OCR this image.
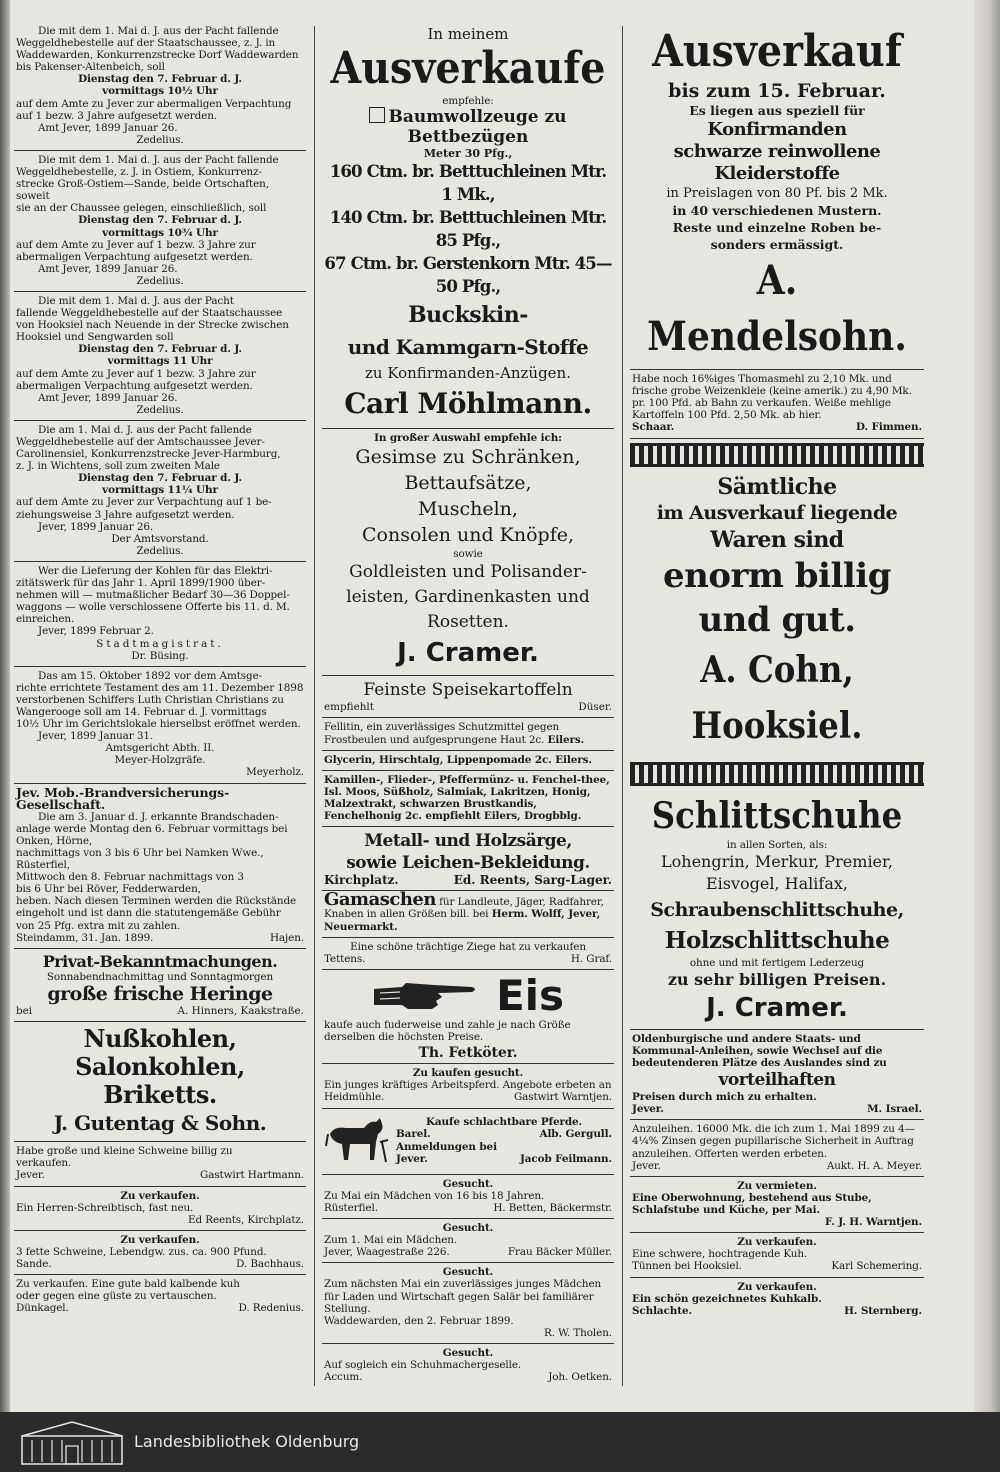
Die mit dem 1. Mai d. J. aus der Pacht fallende

Weggeldhebestelle auf der Staatschaussee, z. J. in

Waddewarden, Konkurrenzstrecke Dorf Waddewarden

bis Pakenser-Altenbeich, soll

Dienstag den 7. Februar d. J.

vormittags 10½ Uhr

auf dem Amte zu Jever zur abermaligen Verpachtung

auf 1 bezw. 3 Jahre aufgesetzt werden.

Amt Jever, 1899 Januar 26.

Zedelius.

Die mit dem 1. Mai d. J. aus der Pacht fallende

Weggeldhebestelle, z. J. in Ostiem, Konkurrenz-

strecke Groß-Ostiem—Sande, beide Ortschaften, soweit

sie an der Chaussee gelegen, einschließlich, soll

Dienstag den 7. Februar d. J.

vormittags 10¾ Uhr

auf dem Amte zu Jever auf 1 bezw. 3 Jahre zur

abermaligen Verpachtung aufgesetzt werden.

Amt Jever, 1899 Januar 26.

Zedelius.

Die mit dem 1. Mai d. J. aus der Pacht

fallende Weggeldhebestelle auf der Staatschaussee

von Hooksiel nach Neuende in der Strecke zwischen

Hooksiel und Sengwarden soll

Dienstag den 7. Februar d. J.

vormittags 11 Uhr

auf dem Amte zu Jever auf 1 bezw. 3 Jahre zur

abermaligen Verpachtung aufgesetzt werden.

Amt Jever, 1899 Januar 26.

Zedelius.

Die am 1. Mai d. J. aus der Pacht fallende

Weggeldhebestelle auf der Amtschaussee Jever-

Carolinensiel, Konkurrenzstrecke Jever-Harmburg,

z. J. in Wichtens, soll zum zweiten Male

Dienstag den 7. Februar d. J.

vormittags 11¼ Uhr

auf dem Amte zu Jever zur Verpachtung auf 1 be-

ziehungsweise 3 Jahre aufgesetzt werden.

Jever, 1899 Januar 26.

Der Amtsvorstand.

Zedelius.

Wer die Lieferung der Kohlen für das Elektri-

zitätswerk für das Jahr 1. April 1899/1900 über-

nehmen will — mutmaßlicher Bedarf 30—36 Doppel-

waggons — wolle verschlossene Offerte bis 11. d. M.

einreichen.

Jever, 1899 Februar 2.

Stadtmagistrat.

Dr. Büsing.

Das am 15. Oktober 1892 vor dem Amtsge-

richte errichtete Testament des am 11. Dezember 1898

verstorbenen Schiffers Luth Christian Christians zu

Wangerooge soll am 14. Februar d. J. vormittags

10½ Uhr im Gerichtslokale hierselbst eröffnet werden.

Jever, 1899 Januar 31.

Amtsgericht Abth. II.

Meyer-Holzgräfe.

Meyerholz.

Jev. Mob.-Brandversicherungs-Gesellschaft.

Die am 3. Januar d. J. erkannte Brandschaden-

anlage werde Montag den 6. Februar vormittags bei

Onken, Hörne,

nachmittags von 3 bis 6 Uhr bei Namken Wwe.,

Rüsterfiel,

Mittwoch den 8. Februar nachmittags von 3

bis 6 Uhr bei Röver, Fedderwarden,

heben. Nach diesen Terminen werden die Rückstände

eingeholt und ist dann die statutengemäße Gebühr

von 25 Pfg. extra mit zu zahlen.

Steindamm, 31. Jan. 1899.	Hajen.
Privat-Bekanntmachungen.
Sonnabendnachmittag und Sonntagmorgen
große frische Heringe
bei	A. Hinners, Kaakstraße.
Nußkohlen,
Salonkohlen,
Briketts.
J. Gutentag & Sohn.

Habe große und kleine Schweine billig zu

verkaufen.

Jever.	Gastwirt Hartmann.
Zu verkaufen.

Ein Herren-Schreibtisch, fast neu.

Ed Reents, Kirchplatz.
Zu verkaufen.

3 fette Schweine, Lebendgw. zus. ca. 900 Pfund.

Sande.	D. Bachhaus.

Zu verkaufen. Eine gute bald kalbende kuh

oder gegen eine güste zu vertauschen.

Dünkagel.	D. Redenius.
In meinem
Ausverkaufe
empfehle:
Baumwollzeuge zu Bettbezügen
Meter 30 Pfg.,
160 Ctm. br. Betttuchleinen Mtr. 1 Mk.,
140 Ctm. br. Betttuchleinen Mtr. 85 Pfg.,
67 Ctm. br. Gerstenkorn Mtr. 45—50 Pfg.,
Buckskin-
und Kammgarn-Stoffe
zu Konfirmanden-Anzügen.
Carl Möhlmann.
In großer Auswahl empfehle ich:
Gesimse zu Schränken,
Bettaufsätze,
Muscheln,
Consolen und Knöpfe,
sowie
Goldleisten und Polisander-
leisten, Gardinenkasten und
Rosetten.
J. Cramer.
Feinste Speisekartoffeln
empfiehlt	Düser.
Fellitin, ein zuverlässiges Schutzmittel gegen Frostbeulen und aufgesprungene Haut 2c. Eilers.
Glycerin, Hirschtalg, Lippenpomade 2c. Eilers.
Kamillen-, Flieder-, Pfeffermünz- u. Fenchel-thee, Isl. Moos, Süßholz, Salmiak, Lakritzen, Honig, Malzextrakt, schwarzen Brustkandis, Fenchelhonig 2c. empfiehlt Eilers, Drogbblg.
Metall- und Holzsärge,
sowie Leichen-Bekleidung.
Kirchplatz.	Ed. Reents, Sarg-Lager.
Gamaschen für Landleute, Jäger, Radfahrer, Knaben in allen Größen bill. bei Herm. Wolff, Jever, Neuermarkt.

Eine schöne trächtige Ziege hat zu verkaufen

Tettens.	H. Graf.
Eis

kaufe auch fuderweise und zahle je nach Größe derselben die höchsten Preise.

Th. Fetköter.
Zu kaufen gesucht.

Ein junges kräftiges Arbeitspferd. Angebote erbeten an

Heidmühle.	Gastwirt Warntjen.
Kaufe schlachtbare Pferde.
Barel.	Alb. Gergull.
Anmeldungen bei
Jever.	Jacob Feilmann.
Gesucht.

Zu Mai ein Mädchen von 16 bis 18 Jahren.

Rüsterfiel.	H. Betten, Bäckermstr.
Gesucht.

Zum 1. Mai ein Mädchen.

Jever, Waagestraße 226.	Frau Bäcker Müller.
Gesucht.

Zum nächsten Mai ein zuverlässiges junges Mädchen für Laden und Wirtschaft gegen Salär bei familiärer Stellung.

Waddewarden, den 2. Februar 1899.

R. W. Tholen.
Gesucht.

Auf sogleich ein Schuhmachergeselle.

Accum.	Joh. Oetken.
Ausverkauf
bis zum 15. Februar.
Es liegen aus speziell für
Konfirmanden
schwarze reinwollene
Kleiderstoffe
in Preislagen von 80 Pf. bis 2 Mk.
in 40 verschiedenen Mustern.
Reste und einzelne Roben be-
sonders ermässigt.
A. Mendelsohn.

Habe noch 16%iges Thomasmehl zu 2,10 Mk. und frische grobe Weizenkleie (keine amerik.) zu 4,90 Mk. pr. 100 Pfd. ab Bahn zu verkaufen. Weiße mehlige Kartoffeln 100 Pfd. 2,50 Mk. ab hier.

Schaar.	D. Fimmen.
Sämtliche
im Ausverkauf liegende
Waren sind
enorm billig
und gut.
A. Cohn, Hooksiel.
Schlittschuhe
in allen Sorten, als:
Lohengrin, Merkur, Premier,
Eisvogel, Halifax,
Schraubenschlittschuhe,
Holzschlittschuhe
ohne und mit fertigem Lederzeug
zu sehr billigen Preisen.
J. Cramer.

Oldenburgische und andere Staats- und Kommunal-Anleihen, sowie Wechsel auf die bedeutenderen Plätze des Auslandes sind zu

vorteilhaften
Preisen durch mich zu erhalten.
Jever.	M. Israel.

Anzuleihen. 16000 Mk. die ich zum 1. Mai 1899 zu 4—4¼% Zinsen gegen pupillarische Sicherheit in Auftrag anzuleihen. Offerten werden erbeten.

Jever.	Aukt. H. A. Meyer.
Zu vermieten.

Eine Oberwohnung, bestehend aus Stube, Schlafstube und Küche, per Mai.

F. J. H. Warntjen.
Zu verkaufen.

Eine schwere, hochtragende Kuh.

Tünnen bei Hooksiel.	Karl Schemering.
Zu verkaufen.

Ein schön gezeichnetes Kuhkalb.

Schlachte.	H. Sternberg.
Landesbibliothek Oldenburg
